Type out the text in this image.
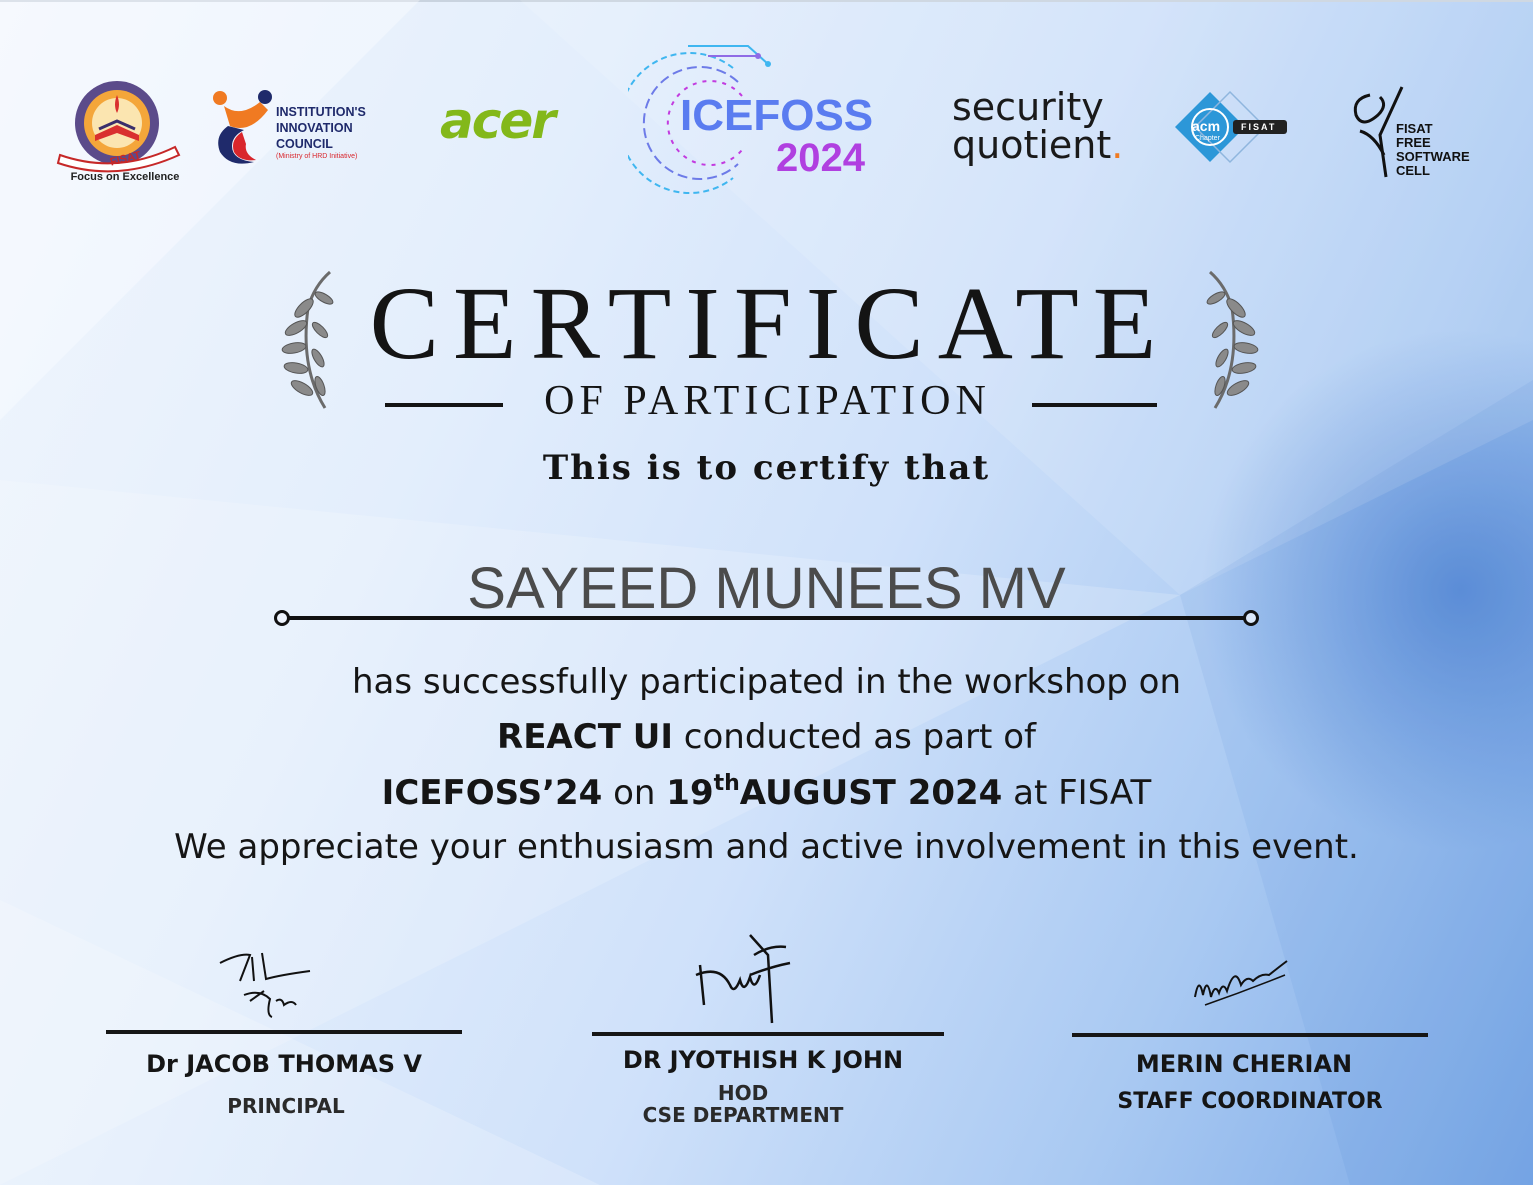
FISAT
Focus on Excellence
INSTITUTION'S
INNOVATION
COUNCIL
(Ministry of HRD Initiative)
acer	ICEFOSS
2024
security
quotient.	acm
Chapter
FISAT	FISAT
FREE
SOFTWARE
CELL
CERTIFICATE
OF PARTICIPATION
This is to certify that
SAYEED MUNEES MV
has successfully participated in the workshop on
REACT UI conducted as part of
ICEFOSS’24 on 19thAUGUST 2024 at FISAT
We appreciate your enthusiasm and active involvement in this event.
Dr JACOB THOMAS V
PRINCIPAL
DR JYOTHISH K JOHN
HOD
CSE DEPARTMENT
MERIN CHERIAN
STAFF COORDINATOR
